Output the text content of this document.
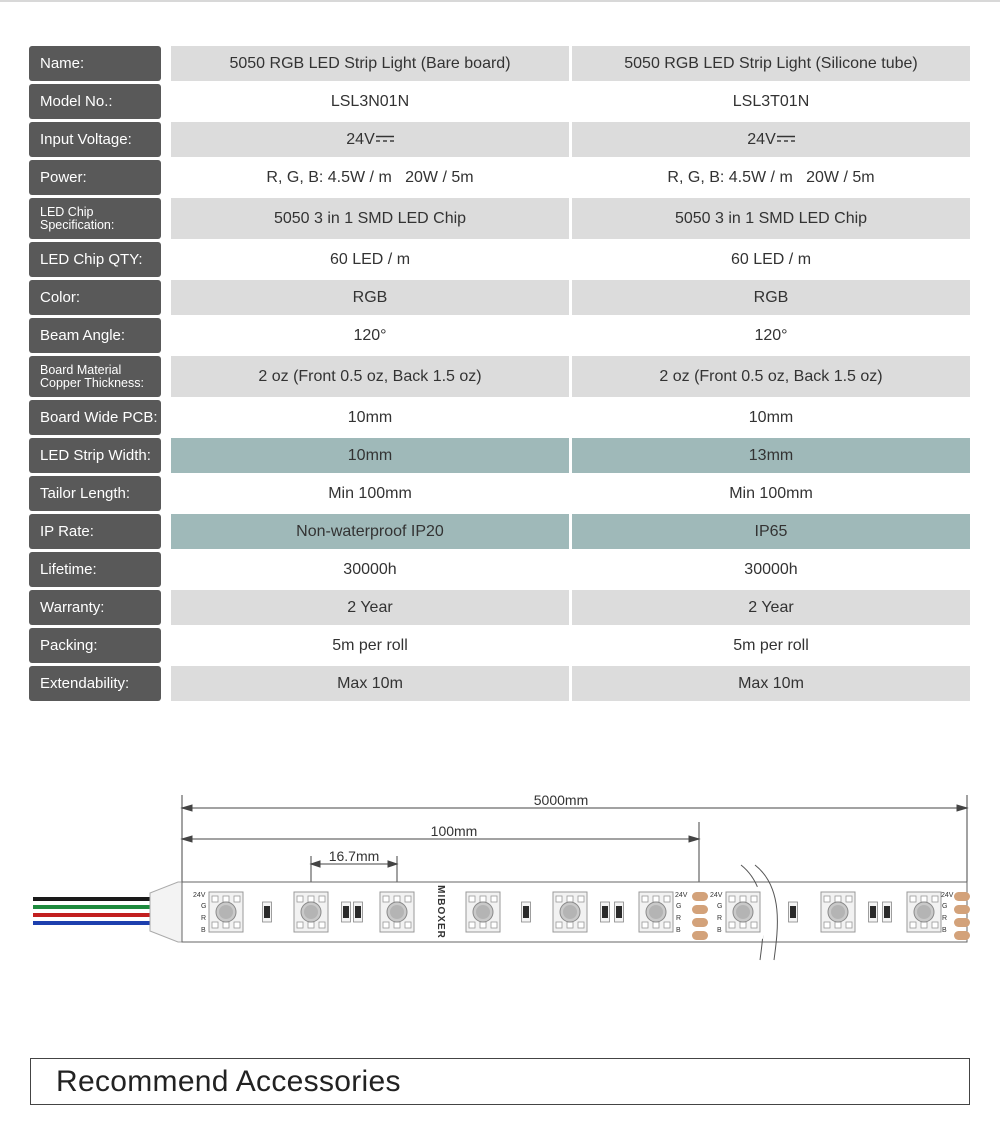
Name:	5050 RGB LED Strip Light (Bare board)	5050 RGB LED Strip Light (Silicone tube)
Model No.:	LSL3N01N	LSL3T01N
Input Voltage:	24V	24V
Power:	R, G, B: 4.5W / m   20W / 5m	R, G, B: 4.5W / m   20W / 5m
LED Chip
Specification:	5050 3 in 1 SMD LED Chip	5050 3 in 1 SMD LED Chip
LED Chip QTY:	60 LED / m	60 LED / m
Color:	RGB	RGB
Beam Angle:	120°	120°
Board Material
Copper Thickness:	2 oz (Front 0.5 oz, Back 1.5 oz)	2 oz (Front 0.5 oz, Back 1.5 oz)
Board Wide PCB:	10mm	10mm
LED Strip Width:	10mm	13mm
Tailor Length:	Min 100mm	Min 100mm
IP Rate:	Non-waterproof IP20	IP65
Lifetime:	30000h	30000h
Warranty:	2 Year	2 Year
Packing:	5m per roll	5m per roll
Extendability:	Max 10m	Max 10m
5000mm
100mm
16.7mm
24V
G
R
B
24V
G
R
B
24V
G
R
B
24V
G
R
B
MIBOXER
Recommend Accessories
